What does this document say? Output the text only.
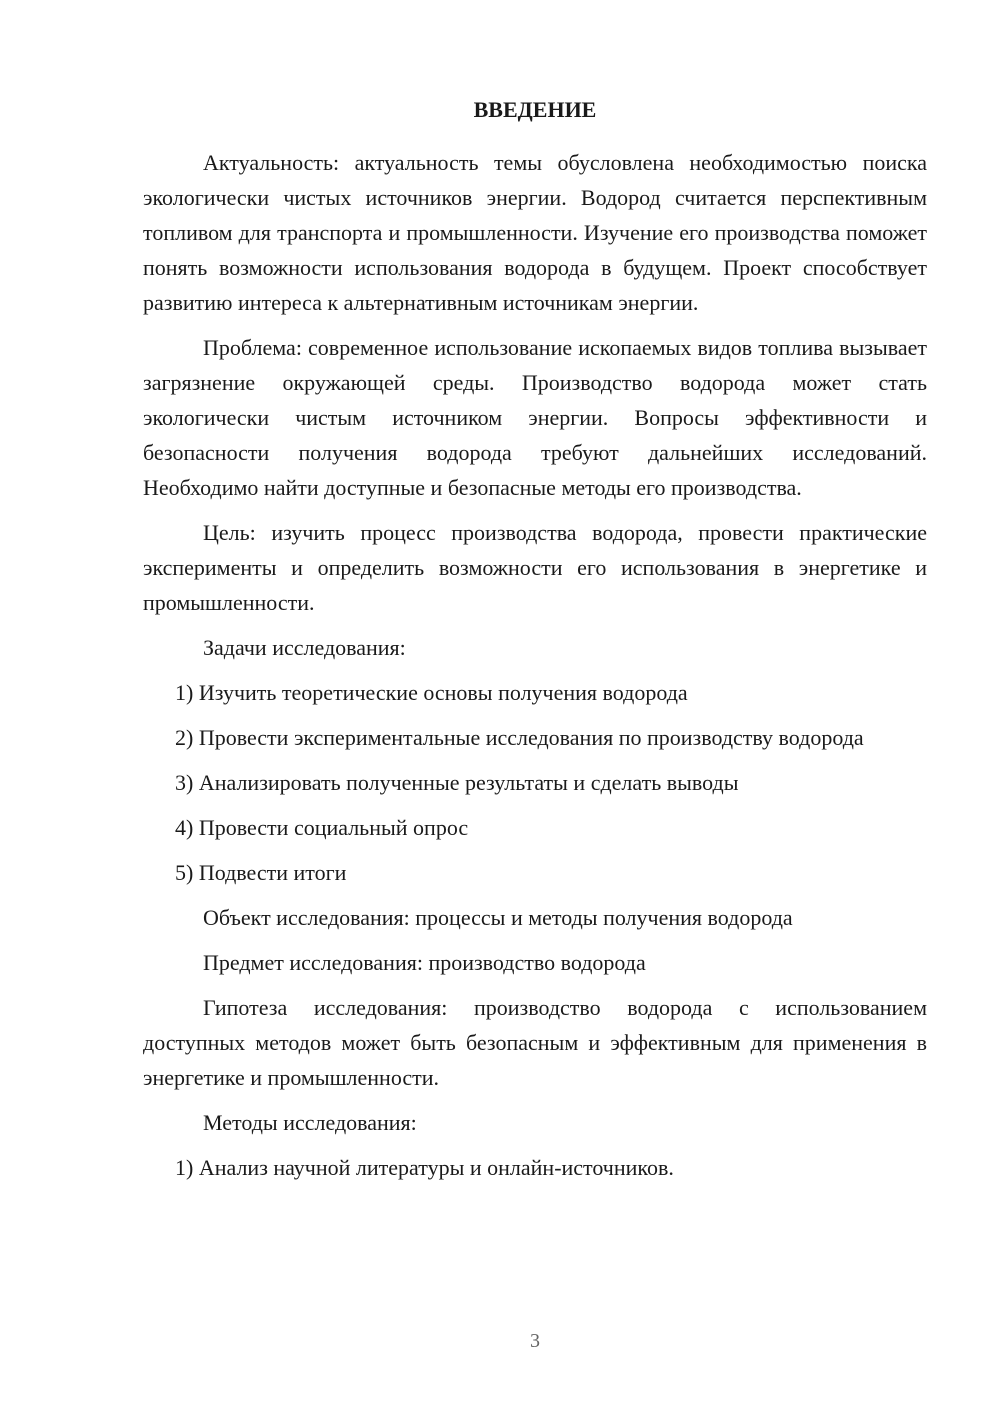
ВВЕДЕНИЕ

Актуальность: актуальность темы обусловлена необходимостью поиска экологически чистых источников энергии. Водород считается перспективным топливом для транспорта и промышленности. Изучение его производства поможет понять возможности использования водорода в будущем. Проект способствует развитию интереса к альтернативным источникам энергии.

Проблема: современное использование ископаемых видов топлива вызывает загрязнение окружающей среды. Производство водорода может стать экологически чистым источником энергии. Вопросы эффективности и безопасности получения водорода требуют дальнейших исследований. Необходимо найти доступные и безопасные методы его производства.

Цель: изучить процесс производства водорода, провести практические эксперименты и определить возможности его использования в энергетике и промышленности.

Задачи исследования:

1) Изучить теоретические основы получения водорода

2) Провести экспериментальные исследования по производству водорода

3) Анализировать полученные результаты и сделать выводы

4) Провести социальный опрос

5) Подвести итоги

Объект исследования: процессы и методы получения водорода

Предмет исследования: производство водорода

Гипотеза исследования: производство водорода с использованием доступных методов может быть безопасным и эффективным для применения в энергетике и промышленности.

Методы исследования:

1) Анализ научной литературы и онлайн-источников.

3
